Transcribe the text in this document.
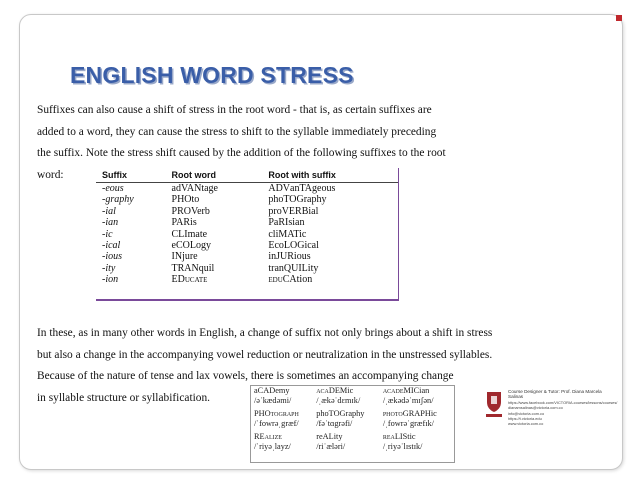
ENGLISH WORD STRESS

Suffixes can also cause a shift of stress in the root word - that is, as certain suffixes are
added to a word, they can cause the stress to shift to the syllable immediately preceding
the suffix. Note the stress shift caused by the addition of the following suffixes to the root
word:	Suffix	Root word	Root with suffix
-eous	adVANtage	ADVanTAgeous
-graphy	PHOto	phoTOGraphy
-ial	PROVerb	proVERBial
-ian	PARis	PaRIsian
-ic	CLImate	cliMATic
-ical	eCOLogy	EcoLOGical
-ious	INjure	inJURious
-ity	TRANquil	tranQUILity
-ion	EDucate	eduCAtion

In these, as in many other words in English, a change of suffix not only brings about a shift in stress
but also a change in the accompanying vowel reduction or neutralization in the unstressed syllables.
Because of the nature of tense and lax vowels, there is sometimes an accompanying change
in syllable structure or syllabification.

aCADemy	acaDEMic	acadeMICian
/əˈkædəmi/	/ˌækəˈdɛmɪk/	/ˌækədəˈmɪʃən/

PHOtograph	phoTOGraphy	photoGRAPHic
/ˈfowrəˌgræf/	/fəˈtɑgrəfi/	/ˌfowrəˈgræfɪk/

REalize	reALity	reaLIStic
/ˈriyəˌlayz/	/riˈæləri/	/ˌriyəˈlɪstɪk/
Course Designer & Tutor: Prof. Diana Marcela Salinas
https://www.facebook.com/VICTORIA.courses/lessons/courses/
dianamsalinas@victoria.com.co
info@victoria.com.co
https://t.victoria.edu
www.victoria.com.co
